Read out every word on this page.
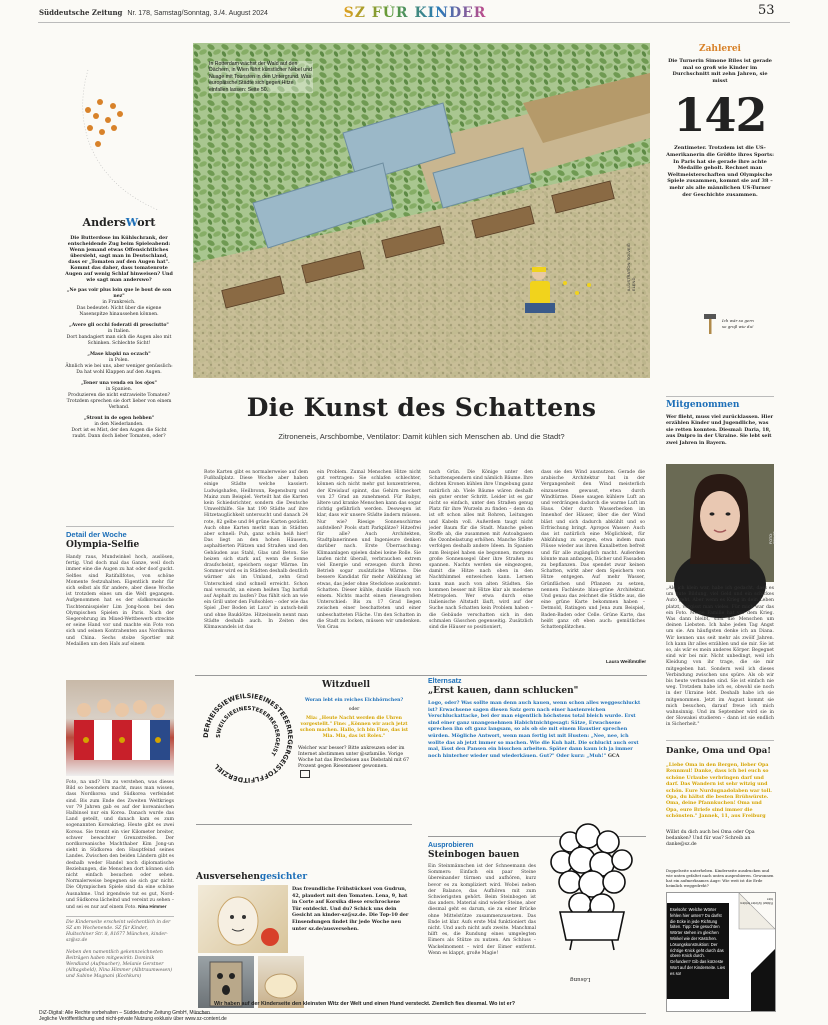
Süddeutsche Zeitung Nr. 178, Samstag/Sonntag, 3./4. August 2024	SZ FÜR KINDER	53
AndersWort
Die Butterdose im Kühlschrank, der entscheidende Zug beim Spieleabend: Wenn jemand etwas Offensichtliches übersieht, sagt man in Deutschland, dass er „Tomaten auf den Augen hat". Kommt das daher, dass tomatenrote Augen auf wenig Schlaf hinweisen? Und wie sagt man anderswo?
„Ne pas voir plus loin que le bout de son nez"
in Frankreich.
Das bedeutet: Nicht über die eigene Nasenspitze hinaussehen können.
„Avere gli occhi foderati di prosciutto"
in Italien.
Dort bandagiert man sich die Augen also mit Schinken. Schlechte Sicht!
„Mase klapki na oczach"
in Polen.
Ähnlich wie bei uns, aber weniger genüsslich: Da hat wohl Klappen auf den Augen.
„Tener una venda en los ojos"
in Spanien.
Produzieren die nicht extrawieite Tomaten? Trotzdem sprechen sie dort lieber von einem Verband.
„Stront in de ogen hebben"
in den Niederlanden.
Dort ist es Mist, der den Augen die Sicht raubt. Dann doch lieber Tomaten, oder?
Detail der Woche
Olympia-Selfie
Handy raus, Mundwinkel hoch, auslösen, fertig. Und doch mal das Ganze, weil doch immer eine die Augen zu hat oder doof guckt. Selfies sind Ratifallfotos, von schöne Momente festzuhalten. Eigentlich mehr für sich selbst als für andere, aber diese Woche ist trotzdem eines um die Welt gegangen. Aufgenommen hat es der südkoreanische Tischtennisspieler Lim Jong-hoon bei den Olympischen Spielen in Paris. Nach der Siegerehrung im Mixed-Wettbewerb streckte er seine Hand vor und machte ein Foto von sich und seinen Kontrahenten aus Nordkorea und China. Sechs stolze Sportler mit Medaillen um den Hals auf einem
Foto, na und? Um zu verstehen, was dieses Bild so besonders macht, muss man wissen, dass Nordkorea und Südkorea verfeindet sind. Bis zum Ende des Zweiten Weltkriegs vor 79 Jahren gab es auf der koreanischen Halbinsel nur ein Korea. Danach wurde das Land geteilt, und danach kam es zum sogenannten Koreakrieg. Heute gibt es zwei Koreas. Sie trennt ein vier Kilometer breiter, schwer bewachter Grenzstreifen. Der nordkoreanische Machthaber Kim Jong-un sieht in Südkorea den Hauptfeind seines Landes. Zwischen den beiden Ländern gibt es deshalb weder Handel noch diplomatische Beziehungen, die Menschen dort können sich nicht einfach besuchen oder sehen. Normalerweise begegnen sie sich gar nicht. Die Olympischen Spiele sind da eine schöne Ausnahme. Und irgendwie tut es gut, Nord- und Südkorea lächelnd und vereint zu sehen – und sei es nur auf einem Foto. Nina Himmer
Die Kinderseite erscheint wöchentlich in der SZ am Wochenende. SZ für Kinder, Hultschiner Str. 8, 81677 München, kinder-sz@sz.de
Neben den namentlich gekennzeichneten Beiträgen haben mitgewirkt: Dominik Wendland (Aufmacher), Melanie Gerstner (Alltagsheld), Nina Himmer (Albtraumwesen) und Sabine Magnani (Kochkurs)
In Rotterdam wächst der Wald auf den Dächern, in Wien führt künstlicher Nebel und Nuage mit Touristen in den Untergrund. Was europäische Städte sich gegen Hitze einfallen lassen: Seite 50.
ILLUSTRATION: SOLVEIG ELEND
Die Kunst des Schattens
Zitroneneis, Arschbombe, Ventilator: Damit kühlen sich Menschen ab. Und die Stadt?
Rote Karten gibt es normalerweise auf dem Fußballplatz. Diese Woche aber haben einige Städte welche kassiert: Ludwigshafen, Heilbronn, Regensburg und Mainz zum Beispiel. Verteilt hat die Karten kein Schiedsrichter, sondern die Deutsche Umwelthilfe. Sie hat 190 Städte auf ihre Hitzetauglichkeit untersucht und danach 24 rote, 82 gelbe und 84 grüne Karten gezückt. Auch ohne Karten merkt man in Städten aber schnell: Puh, ganz schön heiß hier! Das liegt an den hohen Häusern, asphaltierten Plätzen und Straßen und den Gebäuden aus Stahl, Glas und Beton. Sie heizen sich stark auf, wenn die Sonne draufscheint, speichern sogar Wärme. Im Sommer wird es in Städten deshalb deutlich wärmer als im Umland, zehn Grad Unterschied sind schnell erreicht. Schon mal versucht, an einem heißen Tag barfuß auf Asphalt zu laufen? Das fühlt sich an wie ein Grill unter den Fußsohlen – oder wie das Spiel „Der Boden ist Lava" in autsch-heiß und ohne Bauklötze. Hitzeinseln nennt man Städte deshalb auch. In Zeiten des Klimawandels ist das
ein Problem. Zumal Menschen Hitze nicht gut vertragen: Sie schlafen schlechter, können sich nicht mehr gut konzentrieren, der Kreislauf spinnt, das Gehirn meckert von 27 Grad an zunehmend. Für Babys, ältere und kranke Menschen kann das sogar richtig gefährlich werden. Deswegen ist klar, dass wir unsere Städte ändern müssen. Nur wie? Riesige Sonnenschirme aufstellen? Pools statt Parkplätze? Hitzefrei für alle? Auch Architekten, Stadtplanerinnen und Ingenieure denken darüber nach. Erste Überraschung: Klimaanlagen spielen dabei keine Rolle. Sie laufen nicht überall, verbrauchen extrem viel Energie und erzeugen durch ihren Betrieb sogar zusätzliche Wärme. Die bessere Kandidat für mehr Abkühlung ist etwas, das jeder ohne Steckdose auskommt: Schatten. Dieser kühle, dunkle Hauch von einem. Nichts macht einen riesengroßen Unterschied: Bis zu 17 Grad liegen zwischen einer beschatteten und einer unbeschatteten Fläche. Um den Schatten in die Stadt zu locken, müssen wir umdenken. Von Grau
nach Grün. Die Könige unter den Schattenspendern sind nämlich Bäume. Ihre dichten Kronen kühlen ihre Umgebung ganz natürlich ab. Viele Bäume wären deshalb ein guter erster Schritt. Leider ist es gar nicht so einfach, unter den Straßen genug Platz für ihre Wurzeln zu finden – denn da ist oft schon alles mit Rohren, Leitungen und Kabeln voll. Außerdem taugt nicht jeder Baum für die Stadt. Manche geben Stoffe ab, die zusammen mit Autoabgasen die Ozonbelastung erhöhen. Manche Städte verfolgen deshalb andere Ideen. In Spanien zum Beispiel haben sie begonnen, morgens große Sonnensegel über ihre Straßen zu spannen. Nachts werden sie eingezogen, damit die Hitze nach oben in den Nachthimmel entweichen kann. Lernen kann man auch von alten Städten. Sie kommen besser mit Hitze klar als moderne Metropolen. Wer etwa durch eine italienische Altstadt läuft, wird auf der Suche nach Schatten kein Problem haben – die Gebäude verschatten sich in den schmalen Gässchen gegenseitig. Zusätzlich sind die Häuser so positioniert,
dass sie den Wind ausnutzen. Gerade die arabische Architektur hat in der Vergangenheit den Wind meisterlich einzusetzen gewusst, etwa durch Windtürme. Diese saugen kühlere Luft an und verdrängen dadurch die warme Luft im Haus. Oder durch Wasserbecken im Innenhof der Häuser, über die der Wind bläst und sich dadurch abkühlt und so Erfrischung bringt. Apropos Wasser: Auch das ist natürlich eine Möglichkeit, für Abkühlung zu sorgen, etwa indem man Flüsse wieder aus ihren Kanalbetten befreit und für alle zugänglich macht. Außerdem könnte man anfangen, Dächer und Fassaden zu bepflanzen. Das spendet zwar keinen Schatten, wirkt aber dem Speichern von Hitze entgegen. Auf mehr Wasser, Grünflächen und Pflanzen zu setzen, nennen Fachleute blau-grüne Architektur. Und genau das zeichnet die Städte aus, die eine grüne Karte bekommen haben – Detmold, Ratingen und Jena zum Beispiel, Baden-Baden oder Celle. Grüne Karte, das heißt ganz oft eben auch: gemütliches Schattenplätzchen.
Laura Weißmüller
Witzduell
DERHEISSIEWEILSIEEINESTEEERREGERGEISTOFFLFITDERZIEL
SWEILSIEEINESTEEERREGERGEIST
Woran lebt ein reiches Eichhörnchen?
oder
Mia: „Heute Nacht werden die Uhren vorgestellt." Fine: „Können wir auch jetzt schon machen. Hallo, ich bin Fine, das ist Mia. Mia, das ist Rolex."
Welcher war besser? Bitte ankreuzen oder im Internet abstimmen unter @szfamilie. Vorige Woche hat das Brecheisen aus Diebstahl mit 67 Prozent gegen Riesenmeer gewonnen.
Ausversehengesichter
Das freundliche Frühstücksei von Gudrun, 42, plaudert mit den Tomaten. Lena, 9, hat in Corte auf Korsika diese erschrockene Tür entdeckt. Und du? Schick uns dein Gesicht an kinder-sz@sz.de. Die Top-10 der Einsendungen findet ihr jede Woche neu unter sz.de/ausversehen.
Elternsatz
„Erst kauen, dann schlucken"
Logo, oder? Was sollte man denn auch kauen, wenn schon alles weggeschluckt ist? Erwachsene sagen diesen Satz gern nach einer hastenreichen Verschluckattacke, bei der man eigentlich höchstens total bleich wurde. Erst sind einer ganz unangenehmen Habichtnichtgesagt: Sätze, Erwachsene sprechen ihn oft ganz langsam, so als ob sie mit einem Haustier sprechen würden. Mögliche Antwort, wenn man fertig ist mit Husten: „Nee, nee, ich wollte das ab jetzt immer so machen. Wie die Kuh halt. Die schluckt auch erst mal, lässt den Pansen ein bisschen arbeiten. Später dann kaun ich ja immer noch hinterher wieder und wiederkäuen. Gut?" Oder kurz: „Muh!" GCA
Ausprobieren
Steinbogen bauen
Ein Steinmännchen ist der Schneemann des Sommers: Einfach ein paar Steine übereinander türmen und aufhören, kurz bevor es zu kompliziert wird. Wobei neben der Balance, das Aufhören mit zum Schwierigsten gehört. Beim Steinbogen ist das anders. Material sind wieder Steine, aber diesmal geht es darum, sie zu einer Brücke ohne Mittelstütze zusammenzusetzen. Das Ende ist klar. Aufs erste Mal funktioniert das nicht. Und auch nicht aufs zweite. Manchmal hilft es, die Rundung eines umgelegten Eimers als Stütze zu nutzen. Am Schluss – Wackelmoment – wird der Eimer entfernt. Wenn es klappt, große Magie!
Lösung
Wir haben auf der Kinderseite den kleinsten Witz der Welt und einen Hund versteckt. Ziemlich fies diesmal. Wo ist er?
Zahlerei
Die Turnerin Simone Biles ist gerade mal so groß wie Kinder im Durchschnitt mit zehn Jahren, sie misst
142
Zentimeter. Trotzdem ist die US-Amerikanerin die Größte ihres Sports: In Paris hat sie gerade ihre achte Medaille geholt. Rechnet man Weltmeisterschaften und Olympische Spiele zusammen, kommt sie auf 38 – mehr als alle männlichen US-Turner der Geschichte zusammen.
Ich wär so gern so groß wie du!
Mitgenommen
Wer flieht, muss viel zurücklassen. Hier erzählen Kinder und Jugendliche, was sie retten konnten. Diesmal: Daria, 18, aus Dnipro in der Ukraine. Sie lebt seit zwei Jahren in Bayern.
FOTO: PRIVAT
„Als ich klein war, habe ich gedacht, dass es um gute Bildung, viel Geld und ein schickes Auto geht. Aber wenn es Krieg in dein Leben platzt, vergisst man vieles. Für mich war das ein Foto. Meine Familie hat vor dem Krieg. Was dann bleibt, sind die Menschen um deinen Liebsten. Ich habe jeden Tag Angst um sie. Am häufigsten denke ich an Diana. Wir kennen uns seit mehr als zwölf Jahren. Ich kann ihr alles erzählen und sie mir. Sie ist so, als wär es mein anderes Körper. Begegnet sind wir bei mir. Nicht unbedingt, weil ich Kleidung von ihr trage, die sie mir mitgegeben hat. Sondern weil ich dieses Verbindung zwischen uns spüre. Als ob wir bis heute verbunden sind. Sie ist einfach nie weg. Trotzdem habe ich es, obwohl sie noch in der Ukraine lebt. Deshalb habe ich sie mitgenommen. Jetzt im August kommt sie mich besuchen, darauf freue ich mich wahnsinnig. Und im September wird sie in der Slowakei studieren – dann ist sie endlich in Sicherheit."
Danke, Oma und Opa!
„Liebe Oma in den Bergen, lieber Opa Rennmul! Danke, dass ich bei euch so schöne Urlaube verbringen darf und darf. Das Wandern ist sehr witzig und schön. Eure Nurdugnadolaben war toll. Opa, du hältst die besten Brühwürste. Oma, deine Pfannkuchen! Oma und Opa, eure Briefe sind immer die schönsten." Jannek, 11, aus Freiburg
Willst du dich auch bei Oma oder Opa bedanken? Und für was? Schreib an danke@sz.de
Doppelseite unterheben. Kinderseite ausdrucken und wie unten gefaltet nach unten ausprobieren. Gewonnen hat ein aufmerksames Auge: Wie weit ist die Erde heimlich weggedreht?
Eselsohr: Welche Wörter fehlen hier unten? Du darfst die Ecke in jede Richtung falten. Tipp: Die gesuchten Wörter stehen im gleichen Winkel wie der Kästchen. Lösungskonstruktion: Der richtige Knick geht durch das obere Knick durch. Gefunden? Gib das kürzeste Wort auf der Kinderseite. Lies es so!
Rätsel Wörter fehlen hier
DiZ-Digital: Alle Rechte vorbehalten – Süddeutsche Zeitung GmbH, München
Jegliche Veröffentlichung und nicht-private Nutzung exklusiv über www.sz-content.de
